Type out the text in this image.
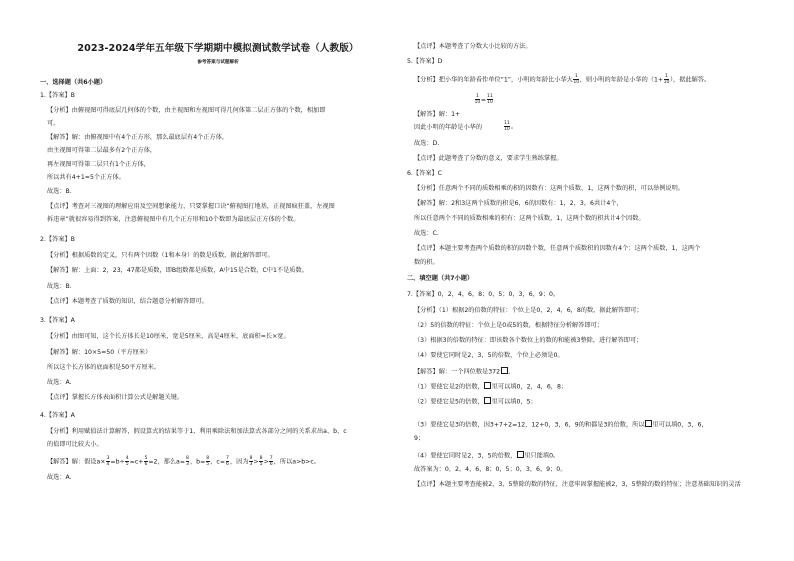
2023-2024学年五年级下学期期中模拟测试数学试卷（人教版）
参考答案与试题解析
一、选择题（共6小题）
1.【答案】B
【分析】由俯视图可得底层几何体的个数，由主视图和左视图可得几何体第二层正方体的个数，相加即
可。
【解答】解：由俯视图中有4个正方形，那么最底层有4个正方体，
由主视图可得第二层最多有2个正方体，
再左视图可得第二层只有1个正方体，
所以共有4+1=5个正方体。
故选：B.
【点评】考查对三视图的理解应用及空间想象能力，只要掌握口诀“俯视图打地基，正视图疯狂盖，左视图
拆违章”就很容易得到答案，注意俯视图中有几个正方形和10个数即为最底层正方体的个数。
2.【答案】B
【分析】根据质数的定义，只有两个因数（1和本身）的数是质数，据此解答即可。
【解答】解：上面：2，23，47都是质数，即B组数都是质数，A中15是合数，C中1不是质数。
故选：B.
【点评】本题考查了质数的知识，结合题意分析解答即可。
3.【答案】A
【分析】由图可知，这个长方体长是10厘米，宽是5厘米，高是4厘米，底面积=长×宽。
【解答】解：10×5=50（平方厘米）
所以这个长方体的底面积是50平方厘米。
故选：A.
【点评】掌握长方体表面积计算公式是解题关键。
4.【答案】A
【分析】利用赋值法计算解答，假设算式的结果等于1，利用乘除法和加法算式各部分之间的关系求出a、b、c
的值即可比较大小。
【解答】解：假设$a\times \frac{3}{4} =b\div \frac{4}{5} =c+ \frac{5}{6} =2$，那么$a= \frac{8}{3}$ ，$b= \frac{8}{5}$ ，$c= \frac{7}{6}$ ，因为 $\frac{8}{3} > \frac{8}{5} > \frac{7}{6}$ ，所以a>b>c。
故选：A.
【点评】本题考查了分数大小比较的方法。
5.【答案】D
【解答】解：1+
因此小明的年龄是小华的
故选：D.
【点评】此题考查了分数的意义，要求学生熟练掌握。
6.【答案】C
【分析】任意两个不同的质数相乘的积的因数有：这两个质数，1，这两个数的积，可以举例说明。
【解答】解：2和3这两个质数的积是6，6的因数有：1，2，3，6共计4个，
所以任意两个不同的质数相乘的积有：这两个质数，1，这两个数的积共计4个因数。
故选：C.
【点评】本题主要考查两个质数的积的因数个数，任意两个质数积的因数有4个：这两个质数，1，这两个
数的积。
二、填空题（共7小题）
7.【答案】0，2，4，6，8；0，5；0，3，6，9；0。
【分析】（1）根据2的倍数的特征：个位上是0，2，4，6，8的数，据此解答即可；
（2）5的倍数的特征：个位上是0或5的数，根据特征分析解答即可；
（3）根据3的倍数的特征：即该数各个数位上的数的和能被3整除，进行解答即可；
（4）要使它同时是2，3，5的倍数，个位上必须是0。
【解答】解：一个四位数是372 ，
（1）要使它是2的倍数， 里可以填0，2，4，6，8；
（2）要使它是5的倍数， 里可以填0，5；
（3）要使它是3的倍数，因3+7+2=12，12+0，3，6，9的和都是3的倍数，所以 里可以填0，3，6，
9；
（4）要使它同时是2，3，5的倍数， 里只能填0。
故答案为：0，2，4，6，8；0，5；0，3，6，9；0。
【点评】本题主要考查能被2，3，5整除的数的特征，注意牢固掌握能被2，3，5整除的数的特征；注意基础知识的灵活
【分析】把小华的年龄看作单位“1”，小明的年龄比小华大 $\frac{1}{10}$ ，则小明的年龄是小华的（$1+ \frac{1}{10}$ ），据此解答。
$\frac{1}{10} = \frac{11}{10}$
$\frac{11}{10}$ 。
